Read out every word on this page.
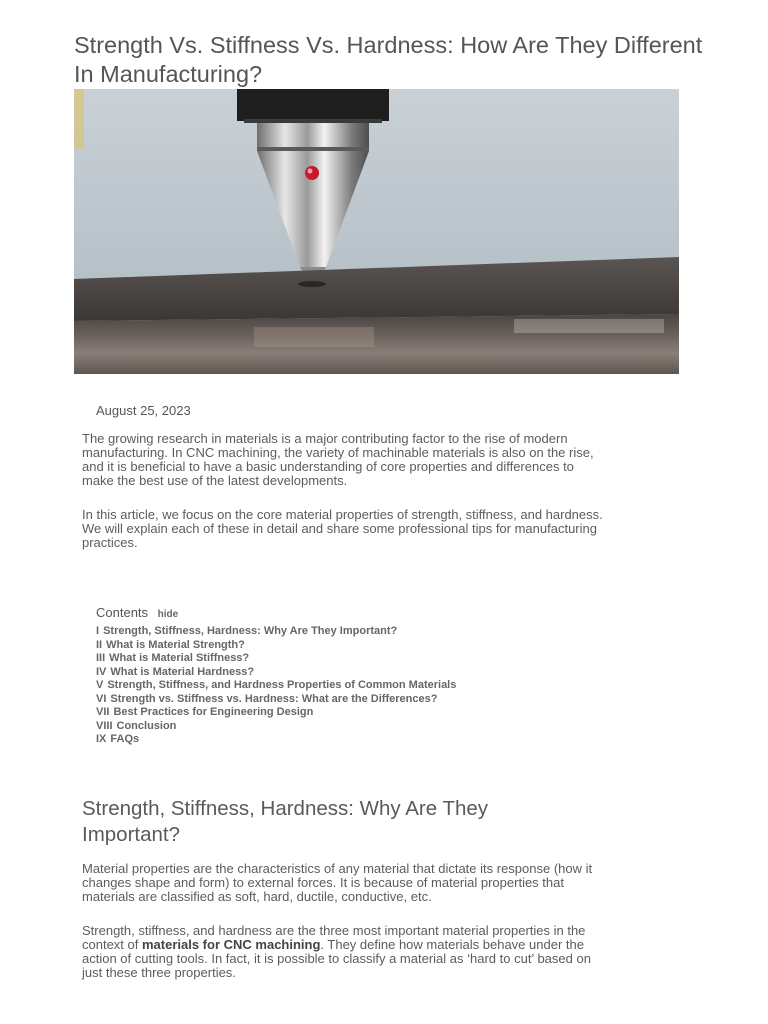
Strength Vs. Stiffness Vs. Hardness: How Are They Different
In Manufacturing?
August 25, 2023

The growing research in materials is a major contributing factor to the rise of modern manufacturing. In CNC machining, the variety of machinable materials is also on the rise, and it is beneficial to have a basic understanding of core properties and differences to make the best use of the latest developments.

In this article, we focus on the core material properties of strength, stiffness, and hardness. We will explain each of these in detail and share some professional tips for manufacturing practices.

Contents hide
I Strength, Stiffness, Hardness: Why Are They Important?
II What is Material Strength?
III What is Material Stiffness?
IV What is Material Hardness?
V Strength, Stiffness, and Hardness Properties of Common Materials
VI Strength vs. Stiffness vs. Hardness: What are the Differences?
VII Best Practices for Engineering Design
VIII Conclusion
IX FAQs
Strength, Stiffness, Hardness: Why Are They
Important?

Material properties are the characteristics of any material that dictate its response (how it changes shape and form) to external forces. It is because of material properties that materials are classified as soft, hard, ductile, conductive, etc.

Strength, stiffness, and hardness are the three most important material properties in the context of materials for CNC machining. They define how materials behave under the action of cutting tools. In fact, it is possible to classify a material as ‘hard to cut’ based on just these three properties.
